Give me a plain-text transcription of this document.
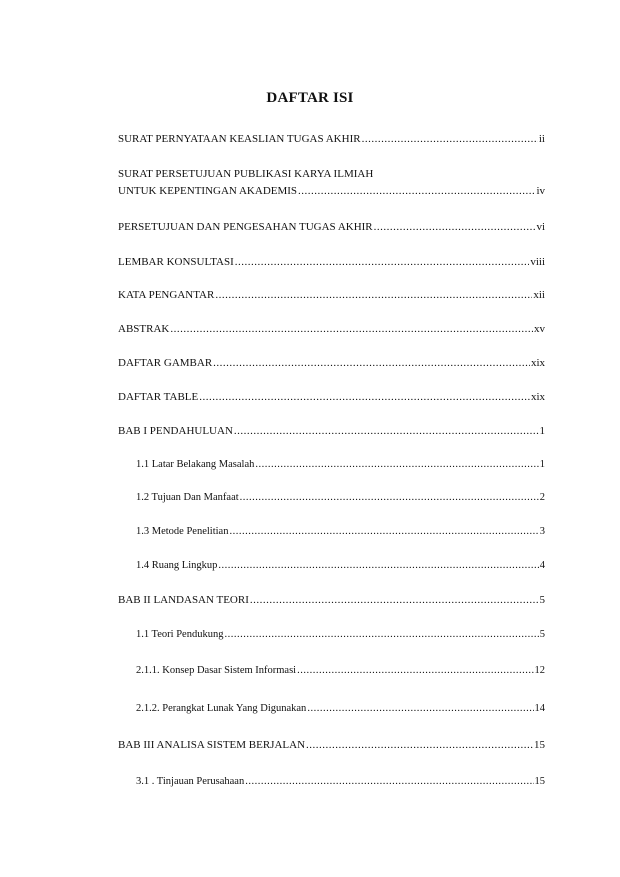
DAFTAR ISI
SURAT PERNYATAAN KEASLIAN TUGAS AKHIR .....	ii
SURAT PERSETUJUAN PUBLIKASI KARYA ILMIAH
UNTUK KEPENTINGAN AKADEMIS .....	iv
PERSETUJUAN DAN PENGESAHAN TUGAS AKHIR .....	vi
LEMBAR KONSULTASI .....	viii
KATA PENGANTAR .....	xii
ABSTRAK .....	xv
DAFTAR GAMBAR .....	xix
DAFTAR TABLE .....	xix
BAB I PENDAHULUAN .....	1
1.1 Latar Belakang Masalah .....	1
1.2 Tujuan Dan Manfaat .....	2
1.3 Metode Penelitian .....	3
1.4 Ruang Lingkup .....	4
BAB II LANDASAN TEORI .....	5
1.1 Teori Pendukung .....	5
2.1.1. Konsep Dasar Sistem Informasi .....	12
2.1.2. Perangkat Lunak Yang Digunakan .....	14
BAB III ANALISA SISTEM BERJALAN .....	15
3.1 . Tinjauan Perusahaan .....	15
